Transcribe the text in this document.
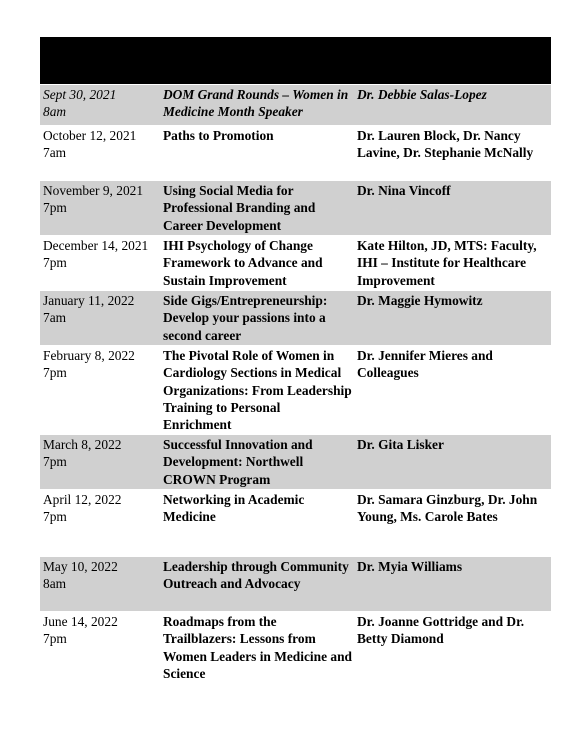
Sept 30, 2021
8am
DOM Grand Rounds – Women in Medicine Month Speaker
Dr. Debbie Salas-Lopez
October 12, 2021
7am
Paths to Promotion	Dr. Lauren Block, Dr. Nancy Lavine, Dr. Stephanie McNally
November 9, 2021
7pm
Using Social Media for Professional Branding and Career Development
Dr. Nina Vincoff
December 14, 2021
7pm
IHI Psychology of Change Framework to Advance and Sustain Improvement
Kate Hilton, JD, MTS: Faculty, IHI – Institute for Healthcare Improvement
January 11, 2022
7am
Side Gigs/Entrepreneurship: Develop your passions into a second career
Dr. Maggie Hymowitz
February 8, 2022
7pm
The Pivotal Role of Women in Cardiology Sections in Medical Organizations: From Leadership Training to Personal Enrichment
Dr. Jennifer Mieres and Colleagues
March 8, 2022
7pm
Successful Innovation and Development: Northwell CROWN Program
Dr. Gita Lisker
April 12, 2022
7pm
Networking in Academic Medicine
Dr. Samara Ginzburg, Dr. John Young, Ms. Carole Bates
May 10, 2022
8am
Leadership through Community Outreach and Advocacy
Dr. Myia Williams
June 14, 2022
7pm
Roadmaps from the Trailblazers: Lessons from Women Leaders in Medicine and Science
Dr. Joanne Gottridge and Dr. Betty Diamond
